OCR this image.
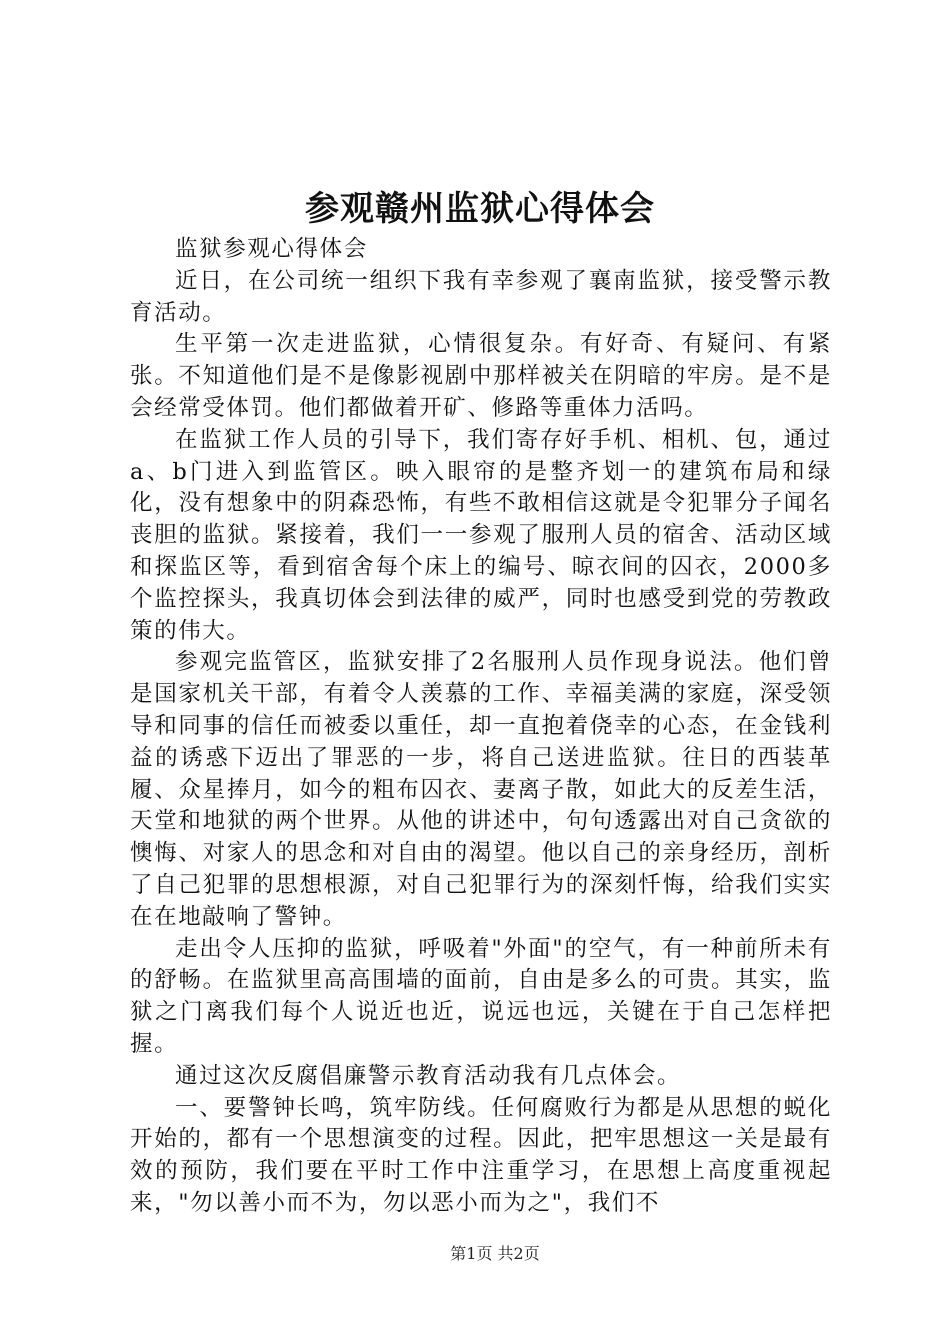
参观赣州监狱心得体会

监狱参观心得体会

近日，在公司统一组织下我有幸参观了襄南监狱，接受警示教育活动。

生平第一次走进监狱，心情很复杂。有好奇、有疑问、有紧张。不知道他们是不是像影视剧中那样被关在阴暗的牢房。是不是会经常受体罚。他们都做着开矿、修路等重体力活吗。

在监狱工作人员的引导下，我们寄存好手机、相机、包，通过a、b门进入到监管区。映入眼帘的是整齐划一的建筑布局和绿化，没有想象中的阴森恐怖，有些不敢相信这就是令犯罪分子闻名丧胆的监狱。紧接着，我们一一参观了服刑人员的宿舍、活动区域和探监区等，看到宿舍每个床上的编号、晾衣间的囚衣，2000多个监控探头，我真切体会到法律的威严，同时也感受到党的劳教政策的伟大。

参观完监管区，监狱安排了2名服刑人员作现身说法。他们曾是国家机关干部，有着令人羡慕的工作、幸福美满的家庭，深受领导和同事的信任而被委以重任，却一直抱着侥幸的心态，在金钱利益的诱惑下迈出了罪恶的一步，将自己送进监狱。往日的西装革履、众星捧月，如今的粗布囚衣、妻离子散，如此大的反差生活，天堂和地狱的两个世界。从他的讲述中，句句透露出对自己贪欲的懊悔、对家人的思念和对自由的渴望。他以自己的亲身经历，剖析了自己犯罪的思想根源，对自己犯罪行为的深刻忏悔，给我们实实在在地敲响了警钟。

走出令人压抑的监狱，呼吸着"外面"的空气，有一种前所未有的舒畅。在监狱里高高围墙的面前，自由是多么的可贵。其实，监狱之门离我们每个人说近也近，说远也远，关键在于自己怎样把握。

通过这次反腐倡廉警示教育活动我有几点体会。

一、要警钟长鸣，筑牢防线。任何腐败行为都是从思想的蜕化开始的，都有一个思想演变的过程。因此，把牢思想这一关是最有效的预防，我们要在平时工作中注重学习，在思想上高度重视起来，"勿以善小而不为，勿以恶小而为之"，我们不

第1页 共2页
